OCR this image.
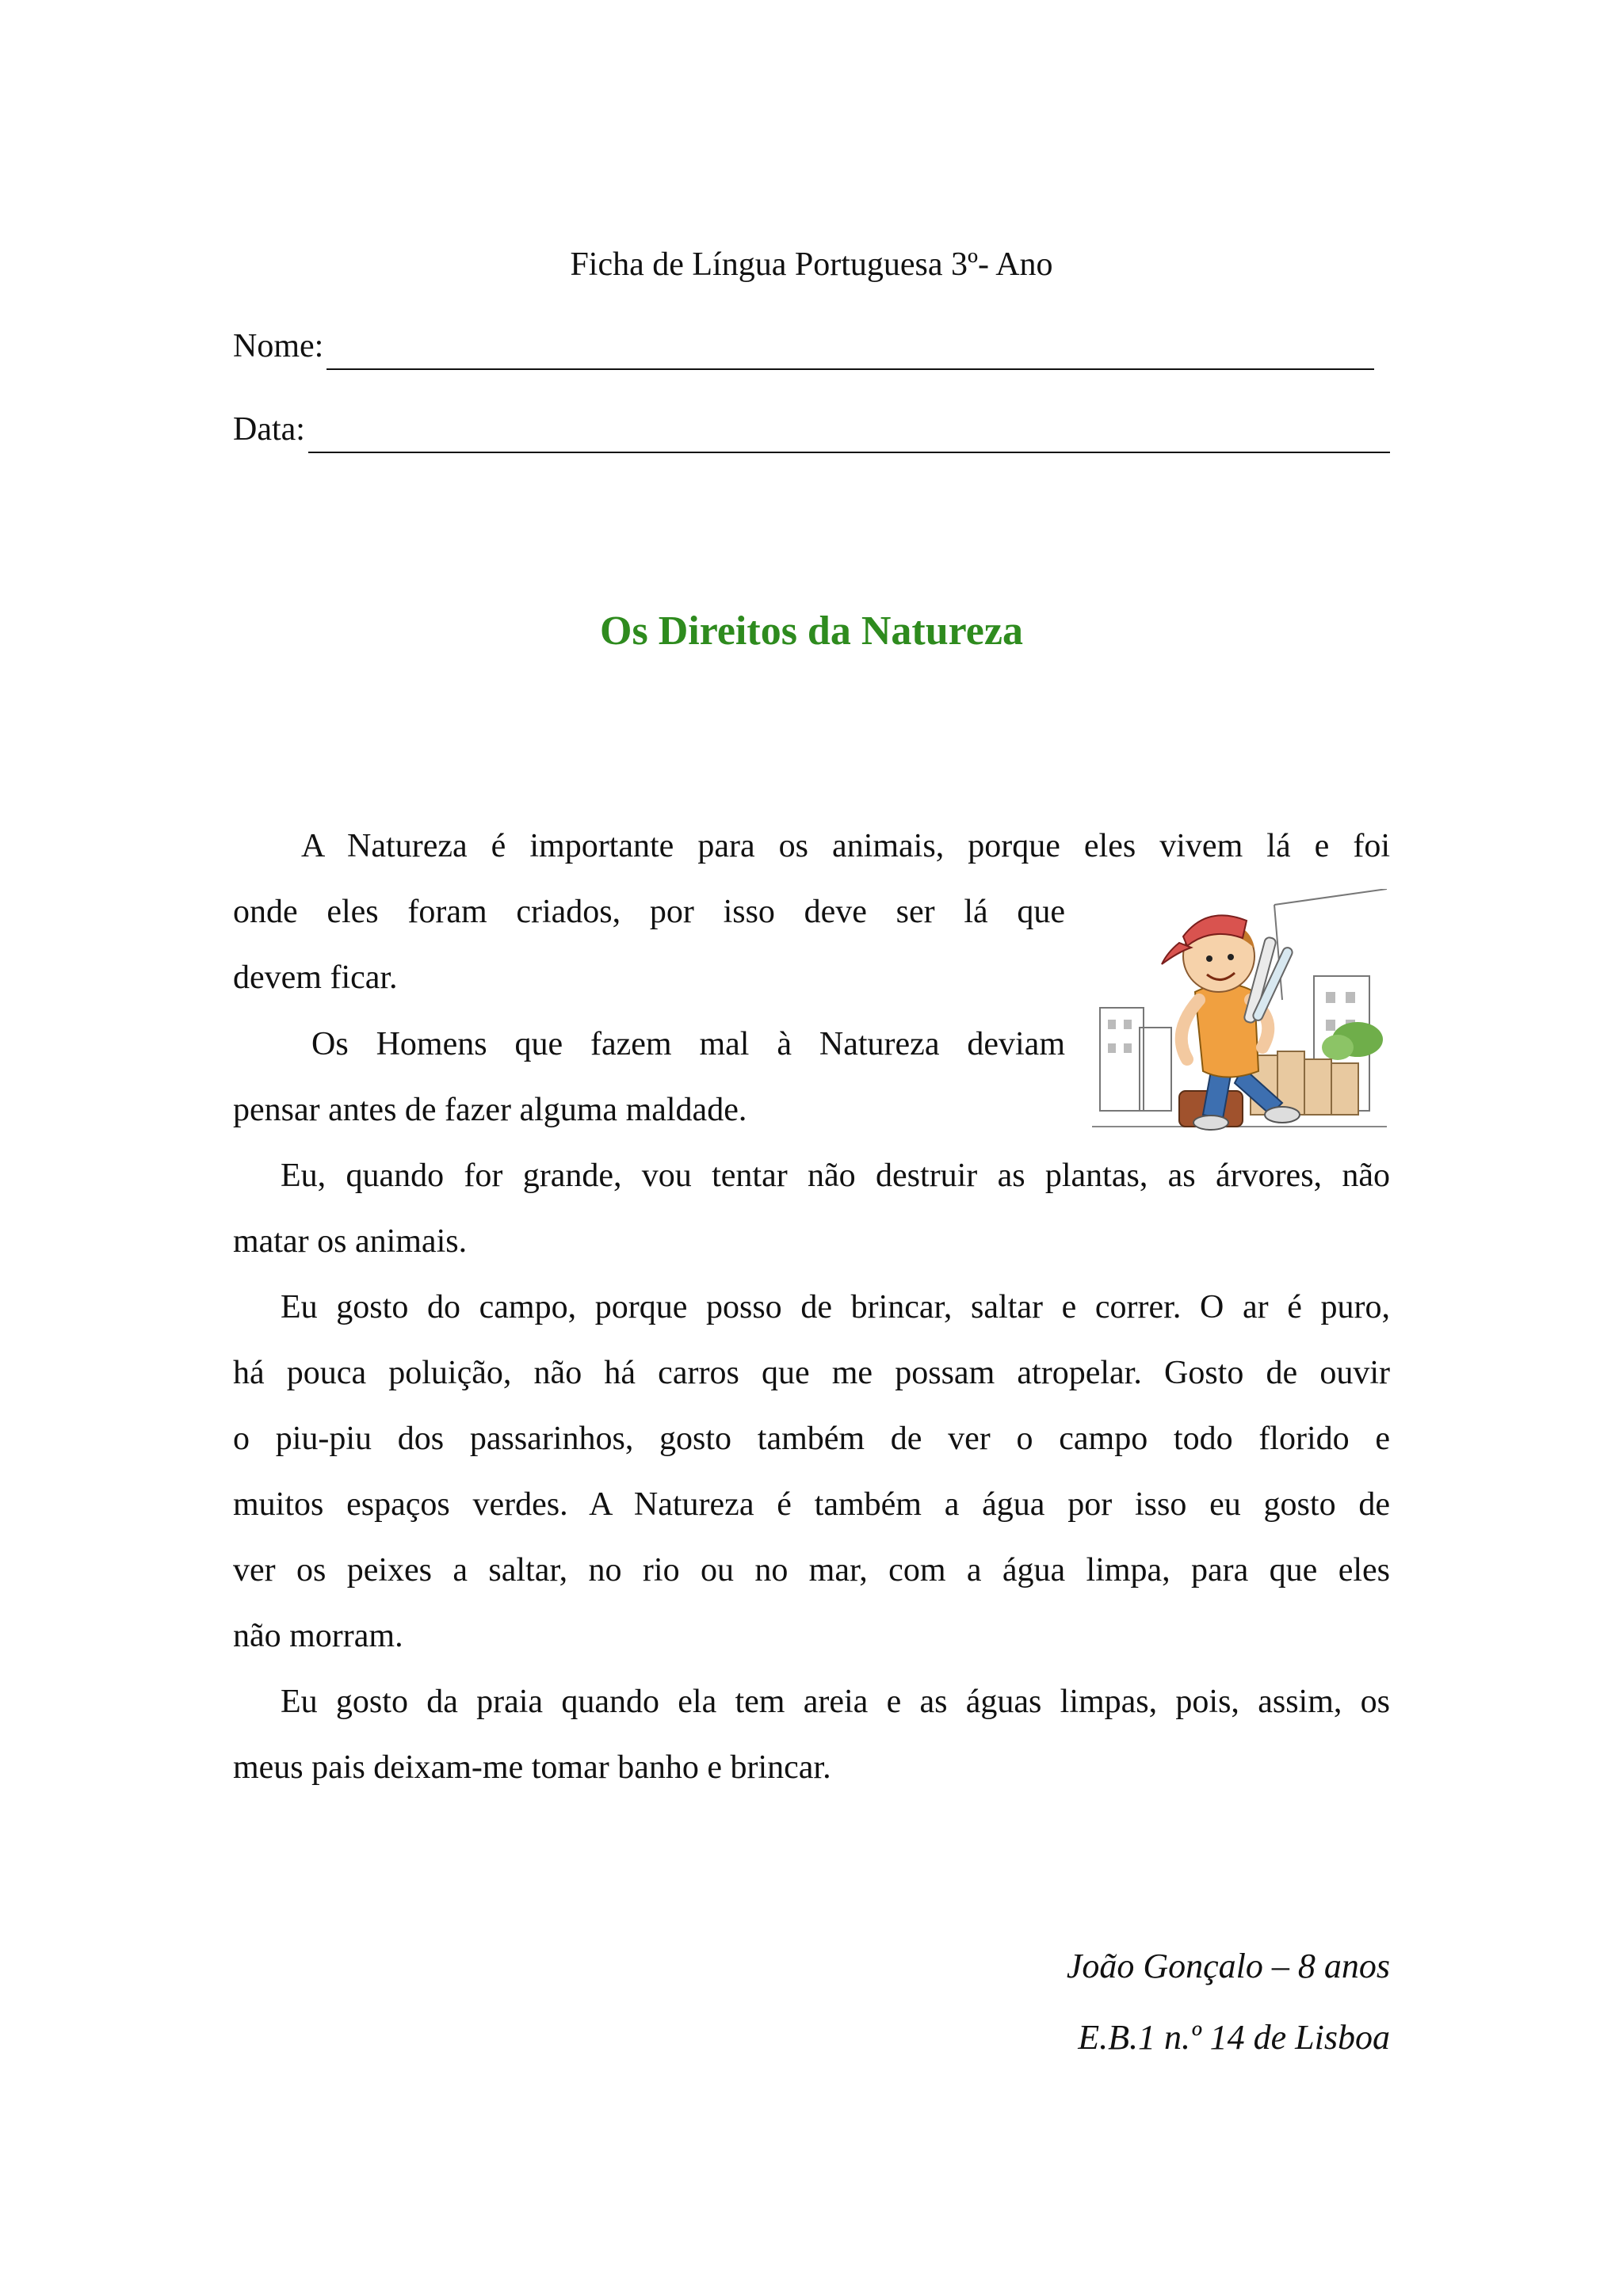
Ficha de Língua Portuguesa 3º- Ano
Nome:
Data:
Os Direitos da Natureza
A Natureza é importante para os animais, porque eles vivem lá e foi
onde eles foram criados, por isso deve ser lá que
devem ficar.
Os Homens que fazem mal à Natureza deviam
pensar antes de fazer alguma maldade.
Eu, quando for grande, vou tentar não destruir as plantas, as árvores, não
matar os animais.
Eu gosto do campo, porque posso de brincar, saltar e correr. O ar é puro,
há pouca poluição, não há carros que me possam atropelar. Gosto de ouvir
o piu-piu dos passarinhos, gosto também de ver o campo todo florido e
muitos espaços verdes. A Natureza é também a água por isso eu gosto de
ver os peixes a saltar, no rio ou no mar, com a água limpa, para que eles
não morram.
Eu gosto da praia quando ela tem areia e as águas limpas, pois, assim, os
meus pais deixam-me tomar banho e brincar.
João Gonçalo – 8 anos
E.B.1 n.º 14 de Lisboa
